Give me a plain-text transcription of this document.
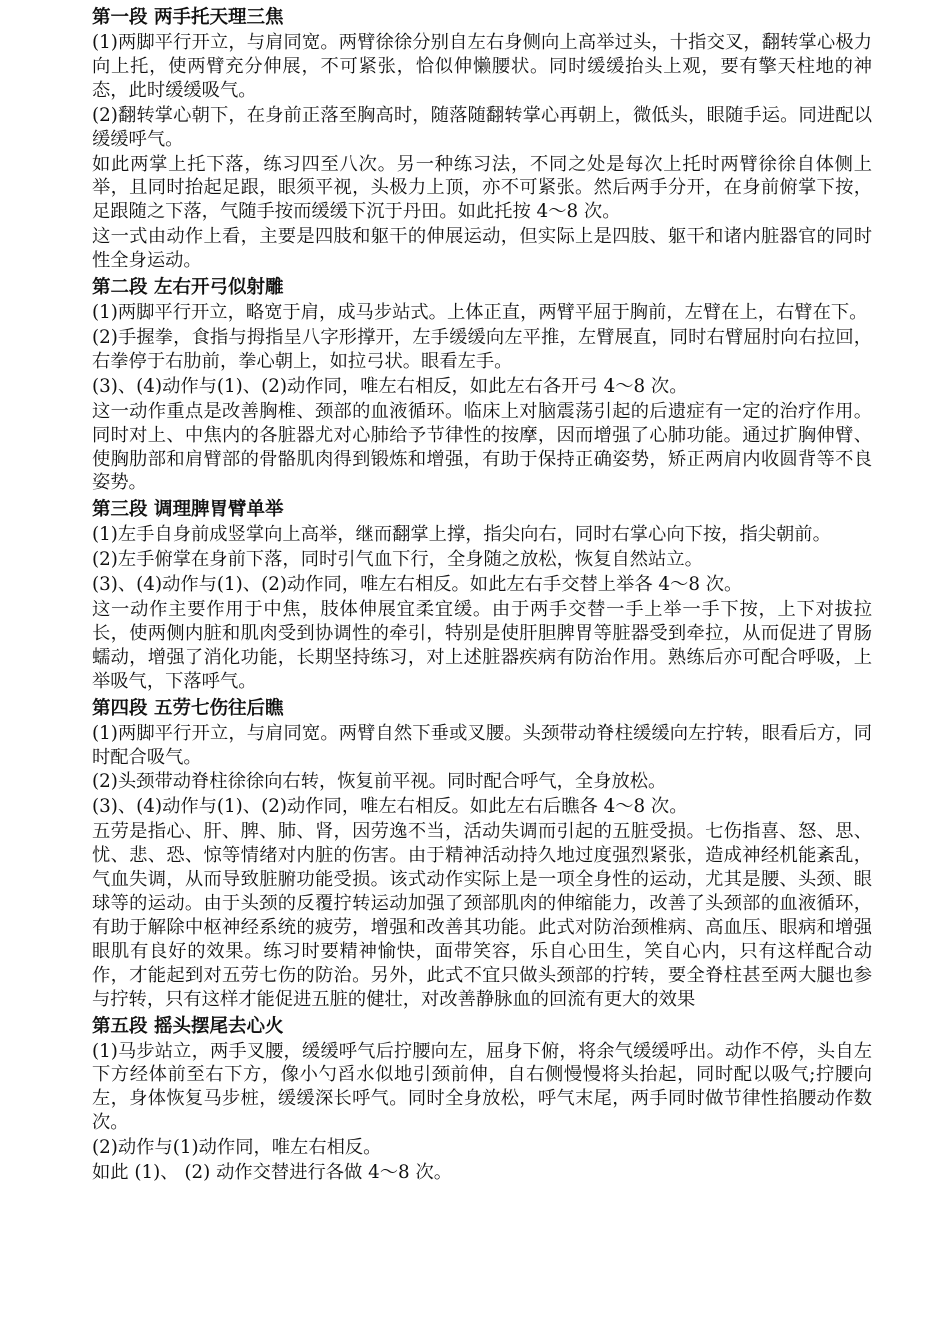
第一段 两手托天理三焦

(1)两脚平行开立，与肩同宽。两臂徐徐分别自左右身侧向上高举过头，十指交叉，翻转掌心极力向上托，使两臂充分伸展，不可紧张，恰似伸懒腰状。同时缓缓抬头上观，要有擎天柱地的神态，此时缓缓吸气。

(2)翻转掌心朝下，在身前正落至胸高时，随落随翻转掌心再朝上，微低头，眼随手运。同进配以缓缓呼气。

如此两掌上托下落，练习四至八次。另一种练习法，不同之处是每次上托时两臂徐徐自体侧上举，且同时抬起足跟，眼须平视，头极力上顶，亦不可紧张。然后两手分开，在身前俯掌下按，足跟随之下落，气随手按而缓缓下沉于丹田。如此托按 4～8 次。

这一式由动作上看，主要是四肢和躯干的伸展运动，但实际上是四肢、躯干和诸内脏器官的同时性全身运动。

第二段 左右开弓似射雕

(1)两脚平行开立，略宽于肩，成马步站式。上体正直，两臂平屈于胸前，左臂在上，右臂在下。

(2)手握拳，食指与拇指呈八字形撑开，左手缓缓向左平推，左臂展直，同时右臂屈肘向右拉回，右拳停于右肋前，拳心朝上，如拉弓状。眼看左手。

(3)、(4)动作与(1)、(2)动作同，唯左右相反，如此左右各开弓 4～8 次。

这一动作重点是改善胸椎、颈部的血液循环。临床上对脑震荡引起的后遗症有一定的治疗作用。同时对上、中焦内的各脏器尤对心肺给予节律性的按摩，因而增强了心肺功能。通过扩胸伸臂、使胸肋部和肩臂部的骨骼肌肉得到锻炼和增强，有助于保持正确姿势，矫正两肩内收圆背等不良姿势。

第三段 调理脾胃臂单举

(1)左手自身前成竖掌向上高举，继而翻掌上撑，指尖向右，同时右掌心向下按，指尖朝前。

(2)左手俯掌在身前下落，同时引气血下行，全身随之放松，恢复自然站立。

(3)、(4)动作与(1)、(2)动作同，唯左右相反。如此左右手交替上举各 4～8 次。

这一动作主要作用于中焦，肢体伸展宜柔宜缓。由于两手交替一手上举一手下按，上下对拔拉长，使两侧内脏和肌肉受到协调性的牵引，特别是使肝胆脾胃等脏器受到牵拉，从而促进了胃肠蠕动，增强了消化功能，长期坚持练习，对上述脏器疾病有防治作用。熟练后亦可配合呼吸，上举吸气，下落呼气。

第四段 五劳七伤往后瞧

(1)两脚平行开立，与肩同宽。两臂自然下垂或叉腰。头颈带动脊柱缓缓向左拧转，眼看后方，同时配合吸气。

(2)头颈带动脊柱徐徐向右转，恢复前平视。同时配合呼气，全身放松。

(3)、(4)动作与(1)、(2)动作同，唯左右相反。如此左右后瞧各 4～8 次。

五劳是指心、肝、脾、肺、肾，因劳逸不当，活动失调而引起的五脏受损。七伤指喜、怒、思、忧、悲、恐、惊等情绪对内脏的伤害。由于精神活动持久地过度强烈紧张，造成神经机能紊乱，气血失调，从而导致脏腑功能受损。该式动作实际上是一项全身性的运动，尤其是腰、头颈、眼球等的运动。由于头颈的反覆拧转运动加强了颈部肌肉的伸缩能力，改善了头颈部的血液循环，有助于解除中枢神经系统的疲劳，增强和改善其功能。此式对防治颈椎病、高血压、眼病和增强眼肌有良好的效果。练习时要精神愉快，面带笑容，乐自心田生，笑自心内，只有这样配合动作，才能起到对五劳七伤的防治。另外，此式不宜只做头颈部的拧转，要全脊柱甚至两大腿也参与拧转，只有这样才能促进五脏的健壮，对改善静脉血的回流有更大的效果

第五段 摇头摆尾去心火

(1)马步站立，两手叉腰，缓缓呼气后拧腰向左，屈身下俯，将余气缓缓呼出。动作不停，头自左下方经体前至右下方，像小勺舀水似地引颈前伸，自右侧慢慢将头抬起，同时配以吸气;拧腰向左，身体恢复马步桩，缓缓深长呼气。同时全身放松，呼气末尾，两手同时做节律性掐腰动作数次。

(2)动作与(1)动作同，唯左右相反。

如此 (1)、 (2) 动作交替进行各做 4～8 次。
